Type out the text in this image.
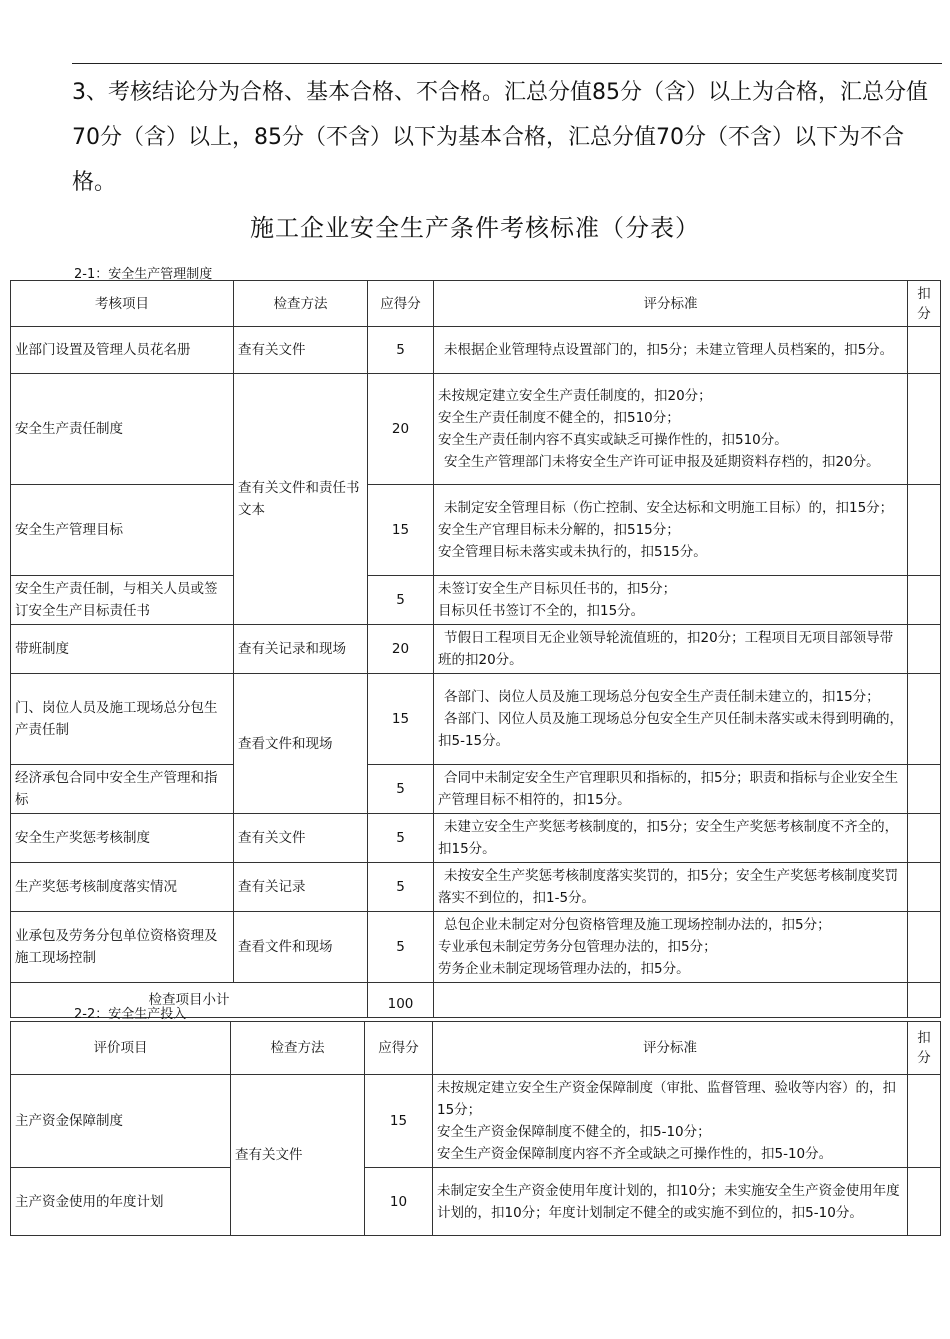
3、考核结论分为合格、基本合格、不合格。汇总分值85分（含）以上为合格，汇总分值70分（含）以上，85分（不含）以下为基本合格，汇总分值70分（不含）以下为不合格。

施工企业安全生产条件考核标准（分表）

2-1：安全生产管理制度

考核项目	检查方法	应得分	评分标准	扣
分

业部门设置及管理人员花名册	查有关文件	5	未根据企业管理特点设置部门的，扣5分；未建立管理人员档案的，扣5分。	

安全生产责任制度	查有关文件和责任书文本	20	未按规定建立安全生产责任制度的，扣20分；
安全生产责任制度不健全的，扣510分；
安全生产责任制内容不真实或缺乏可操作性的，扣510分。
安全生产管理部门未将安全生产许可证申报及延期资料存档的，扣20分。	

安全生产管理目标		15	未制定安全管理目标（伤亡控制、安全达标和文明施工目标）的，扣15分；
安全生产官理目标未分解的，扣515分；
安全管理目标未落实或未执行的，扣515分。	

安全生产责任制，与相关人员或签订安全生产目标责任书		5	未签订安全生产目标贝任书的，扣5分；
目标贝任书签订不全的，扣15分。	

带班制度	查有关记录和现场	20	节假日工程项目无企业领导轮流值班的，扣20分；工程项目无项目部领导带班的扣20分。	

门、岗位人员及施工现场总分包生产责任制	查看文件和现场	15	各部门、岗位人员及施工现场总分包安全生产责任制未建立的，扣15分；
各部门、冈位人员及施工现场总分包安全生产贝任制未落实或未得到明确的，扣5-15分。	

经济承包合同中安全生产管理和指标		5	合同中未制定安全生产官理职贝和指标的，扣5分；职责和指标与企业安全生产管理目标不相符的，扣15分。	

安全生产奖惩考核制度	查有关文件	5	未建立安全生产奖惩考核制度的，扣5分；安全生产奖惩考核制度不齐全的，扣15分。	

生产奖惩考核制度落实情况	查有关记录	5	未按安全生产奖惩考核制度落实奖罚的，扣5分；安全生产奖惩考核制度奖罚落实不到位的，扣1-5分。	

业承包及劳务分包单位资格资理及施工现场控制	查看文件和现场	5	总包企业未制定对分包资格管理及施工现场控制办法的，扣5分；
专业承包未制定劳务分包管理办法的，扣5分；
劳务企业未制定现场管理办法的，扣5分。	

检查项目小计		100		

2-2：安全生产投入

评价项目	检查方法	应得分	评分标准	扣
分

主产资金保障制度	查有关文件	15	未按规定建立安全生产资金保障制度（审批、监督管理、验收等内容）的，扣15分；
安全生产资金保障制度不健全的，扣5-10分；
安全生产资金保障制度内容不齐全或缺之可操作性的，扣5-10分。	

主产资金使用的年度计划		10	未制定安全生产资金使用年度计划的，扣10分；未实施安全生产资金使用年度计划的，扣10分；年度计划制定不健全的或实施不到位的，扣5-10分。	
